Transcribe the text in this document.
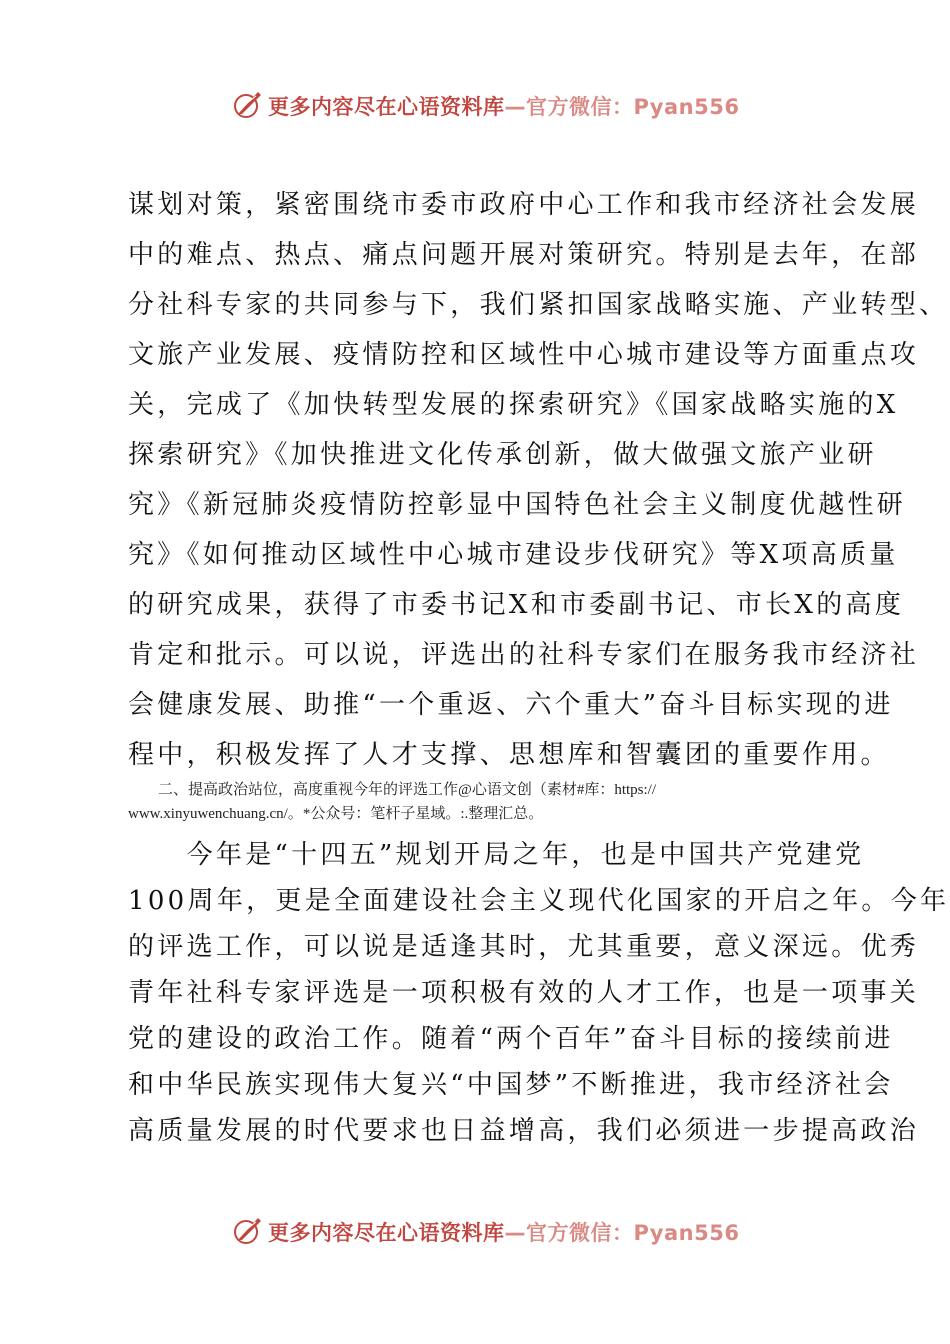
更多内容尽在心语资料库—官方微信：Pyan556
谋划对策，紧密围绕市委市政府中心工作和我市经济社会发展
中的难点、热点、痛点问题开展对策研究。特别是去年，在部
分社科专家的共同参与下，我们紧扣国家战略实施、产业转型、
文旅产业发展、疫情防控和区域性中心城市建设等方面重点攻
关，完成了《加快转型发展的探索研究》《国家战略实施的X
探索研究》《加快推进文化传承创新，做大做强文旅产业研
究》《新冠肺炎疫情防控彰显中国特色社会主义制度优越性研
究》《如何推动区域性中心城市建设步伐研究》等X项高质量
的研究成果，获得了市委书记X和市委副书记、市长X的高度
肯定和批示。可以说，评选出的社科专家们在服务我市经济社
会健康发展、助推“一个重返、六个重大”奋斗目标实现的进
程中，积极发挥了人才支撑、思想库和智囊团的重要作用。
　　二、提高政治站位，高度重视今年的评选工作@心语文创（素材#库：https://
www.xinyuwenchuang.cn/。*公众号：笔杆子星域。:.整理汇总。
　　今年是“十四五”规划开局之年，也是中国共产党建党
100周年，更是全面建设社会主义现代化国家的开启之年。今年
的评选工作，可以说是适逢其时，尤其重要，意义深远。优秀
青年社科专家评选是一项积极有效的人才工作，也是一项事关
党的建设的政治工作。随着“两个百年”奋斗目标的接续前进
和中华民族实现伟大复兴“中国梦”不断推进，我市经济社会
高质量发展的时代要求也日益增高，我们必须进一步提高政治
更多内容尽在心语资料库—官方微信：Pyan556
